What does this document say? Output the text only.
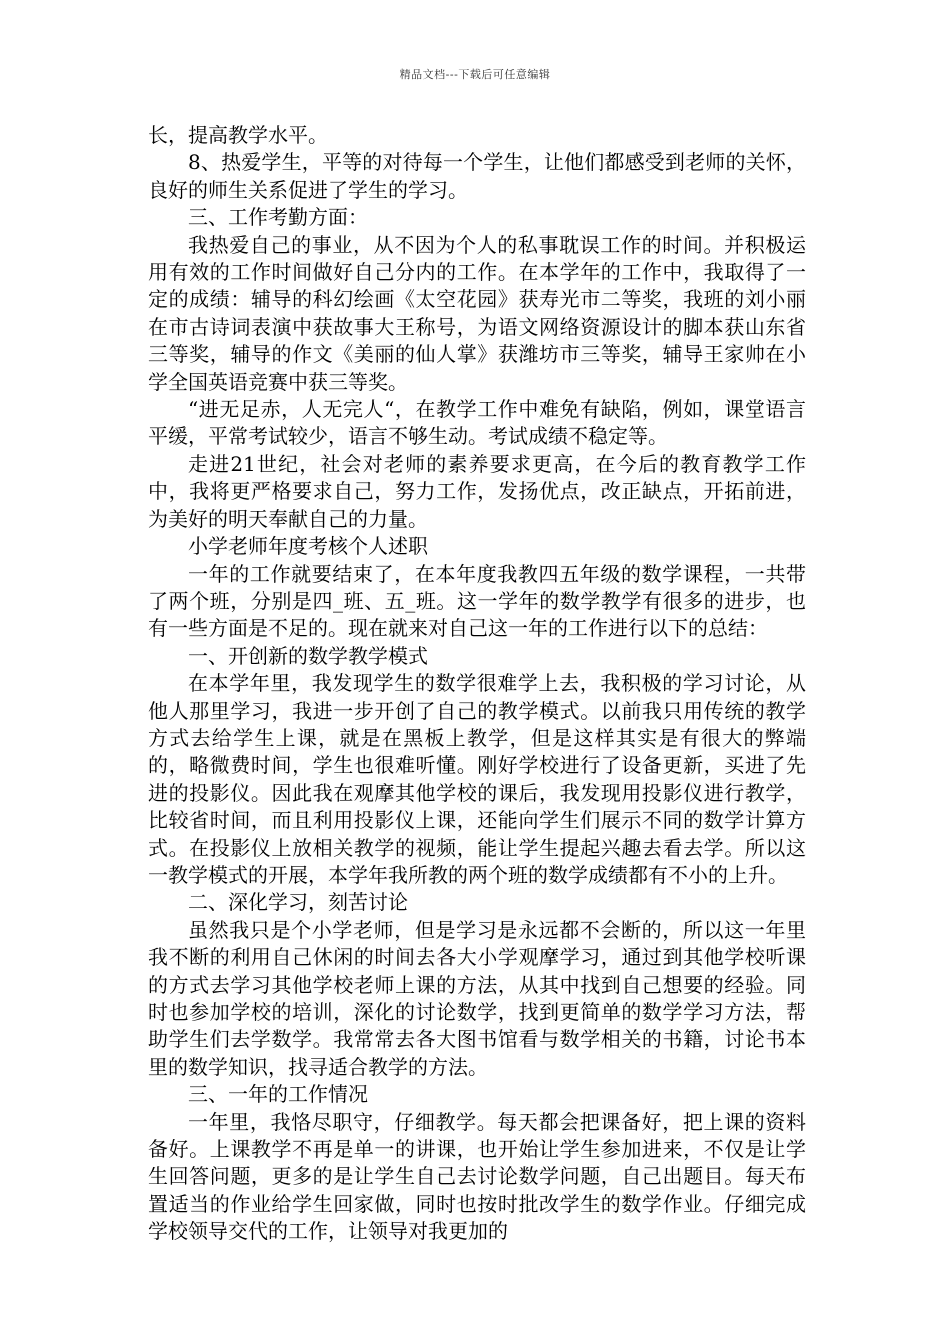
精品文档---下载后可任意编辑

长，提高教学水平。

8、热爱学生，平等的对待每一个学生，让他们都感受到老师的关怀，良好的师生关系促进了学生的学习。

三、工作考勤方面：

我热爱自己的事业，从不因为个人的私事耽误工作的时间。并积极运用有效的工作时间做好自己分内的工作。在本学年的工作中，我取得了一定的成绩：辅导的科幻绘画《太空花园》获寿光市二等奖，我班的刘小丽在市古诗词表演中获故事大王称号，为语文网络资源设计的脚本获山东省三等奖，辅导的作文《美丽的仙人掌》获潍坊市三等奖，辅导王家帅在小学全国英语竞赛中获三等奖。

“进无足赤，人无完人“，在教学工作中难免有缺陷，例如，课堂语言平缓，平常考试较少，语言不够生动。考试成绩不稳定等。

走进21世纪，社会对老师的素养要求更高，在今后的教育教学工作中，我将更严格要求自己，努力工作，发扬优点，改正缺点，开拓前进，为美好的明天奉献自己的力量。

小学老师年度考核个人述职

一年的工作就要结束了，在本年度我教四五年级的数学课程，一共带了两个班，分别是四_班、五_班。这一学年的数学教学有很多的进步，也有一些方面是不足的。现在就来对自己这一年的工作进行以下的总结：

一、开创新的数学教学模式

在本学年里，我发现学生的数学很难学上去，我积极的学习讨论，从他人那里学习，我进一步开创了自己的教学模式。以前我只用传统的教学方式去给学生上课，就是在黑板上教学，但是这样其实是有很大的弊端的，略微费时间，学生也很难听懂。刚好学校进行了设备更新，买进了先进的投影仪。因此我在观摩其他学校的课后，我发现用投影仪进行教学，比较省时间，而且利用投影仪上课，还能向学生们展示不同的数学计算方式。在投影仪上放相关教学的视频，能让学生提起兴趣去看去学。所以这一教学模式的开展，本学年我所教的两个班的数学成绩都有不小的上升。

二、深化学习，刻苦讨论

虽然我只是个小学老师，但是学习是永远都不会断的，所以这一年里我不断的利用自己休闲的时间去各大小学观摩学习，通过到其他学校听课的方式去学习其他学校老师上课的方法，从其中找到自己想要的经验。同时也参加学校的培训，深化的讨论数学，找到更简单的数学学习方法，帮助学生们去学数学。我常常去各大图书馆看与数学相关的书籍，讨论书本里的数学知识，找寻适合教学的方法。

三、一年的工作情况

一年里，我恪尽职守，仔细教学。每天都会把课备好，把上课的资料备好。上课教学不再是单一的讲课，也开始让学生参加进来，不仅是让学生回答问题，更多的是让学生自己去讨论数学问题，自己出题目。每天布置适当的作业给学生回家做，同时也按时批改学生的数学作业。仔细完成学校领导交代的工作，让领导对我更加的
